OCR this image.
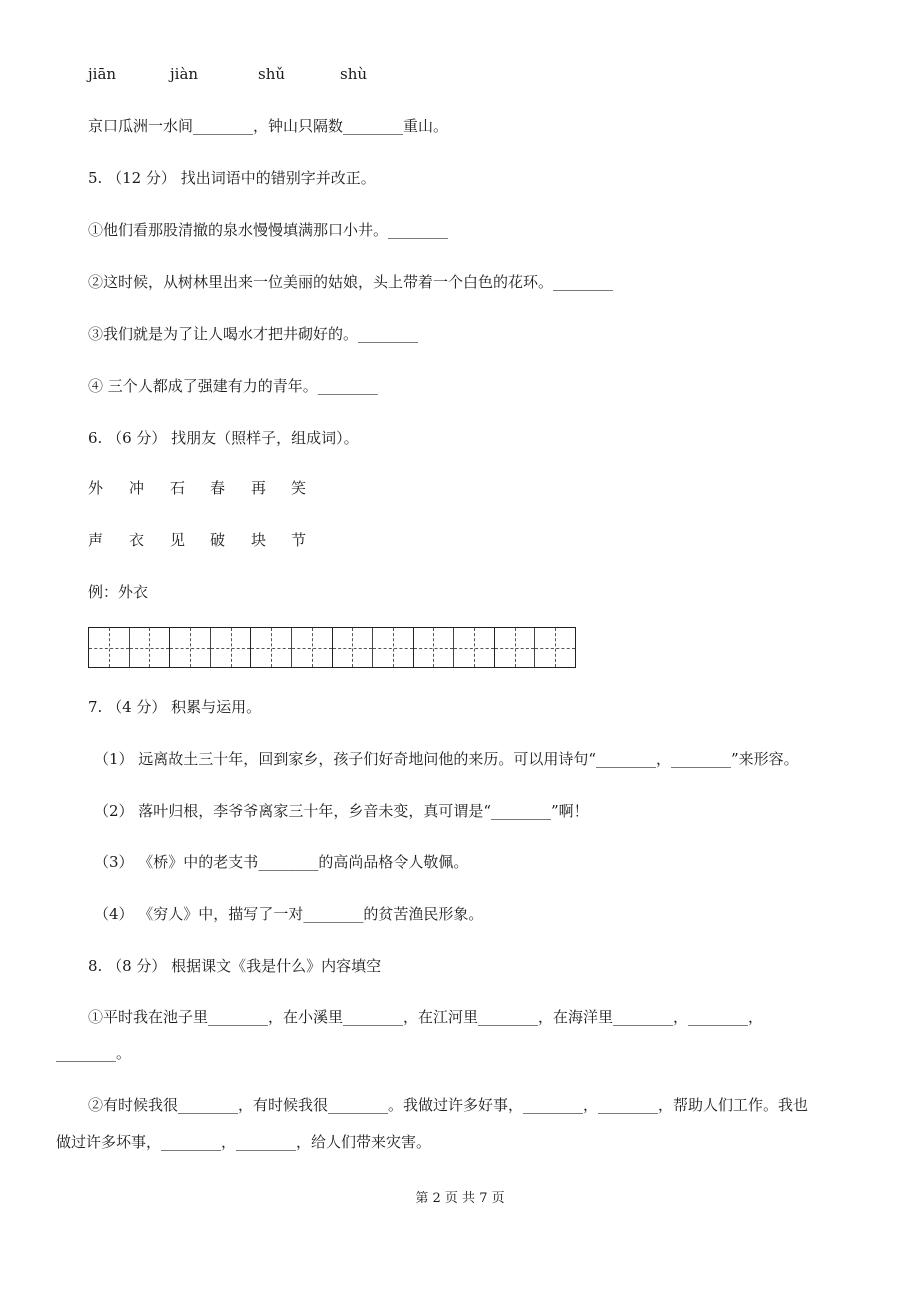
jiān	jiàn	shǔ	shù
京口瓜洲一水间________，钟山只隔数________重山。
5. （12 分） 找出词语中的错别字并改正。
①他们看那股清撤的泉水慢慢填满那口小井。________
②这时候，从树林里出来一位美丽的姑娘，头上带着一个白色的花环。________
③我们就是为了让人喝水才把井砌好的。________
④ 三个人都成了强建有力的青年。________
6. （6 分） 找朋友（照样子，组成词）。
外 冲 石 春 再 笑
声 衣 见 破 块 节
例：外衣
7. （4 分） 积累与运用。
（1） 远离故土三十年，回到家乡，孩子们好奇地问他的来历。可以用诗句“________，________”来形容。
（2） 落叶归根，李爷爷离家三十年，乡音未变，真可谓是“________”啊！
（3） 《桥》中的老支书________的高尚品格令人敬佩。
（4） 《穷人》中，描写了一对________的贫苦渔民形象。
8. （8 分） 根据课文《我是什么》内容填空
①平时我在池子里________，在小溪里________，在江河里________，在海洋里________，________，
________。
②有时候我很________，有时候我很________。我做过许多好事，________，________，帮助人们工作。我也
做过许多坏事，________，________，给人们带来灾害。
第 2 页 共 7 页
